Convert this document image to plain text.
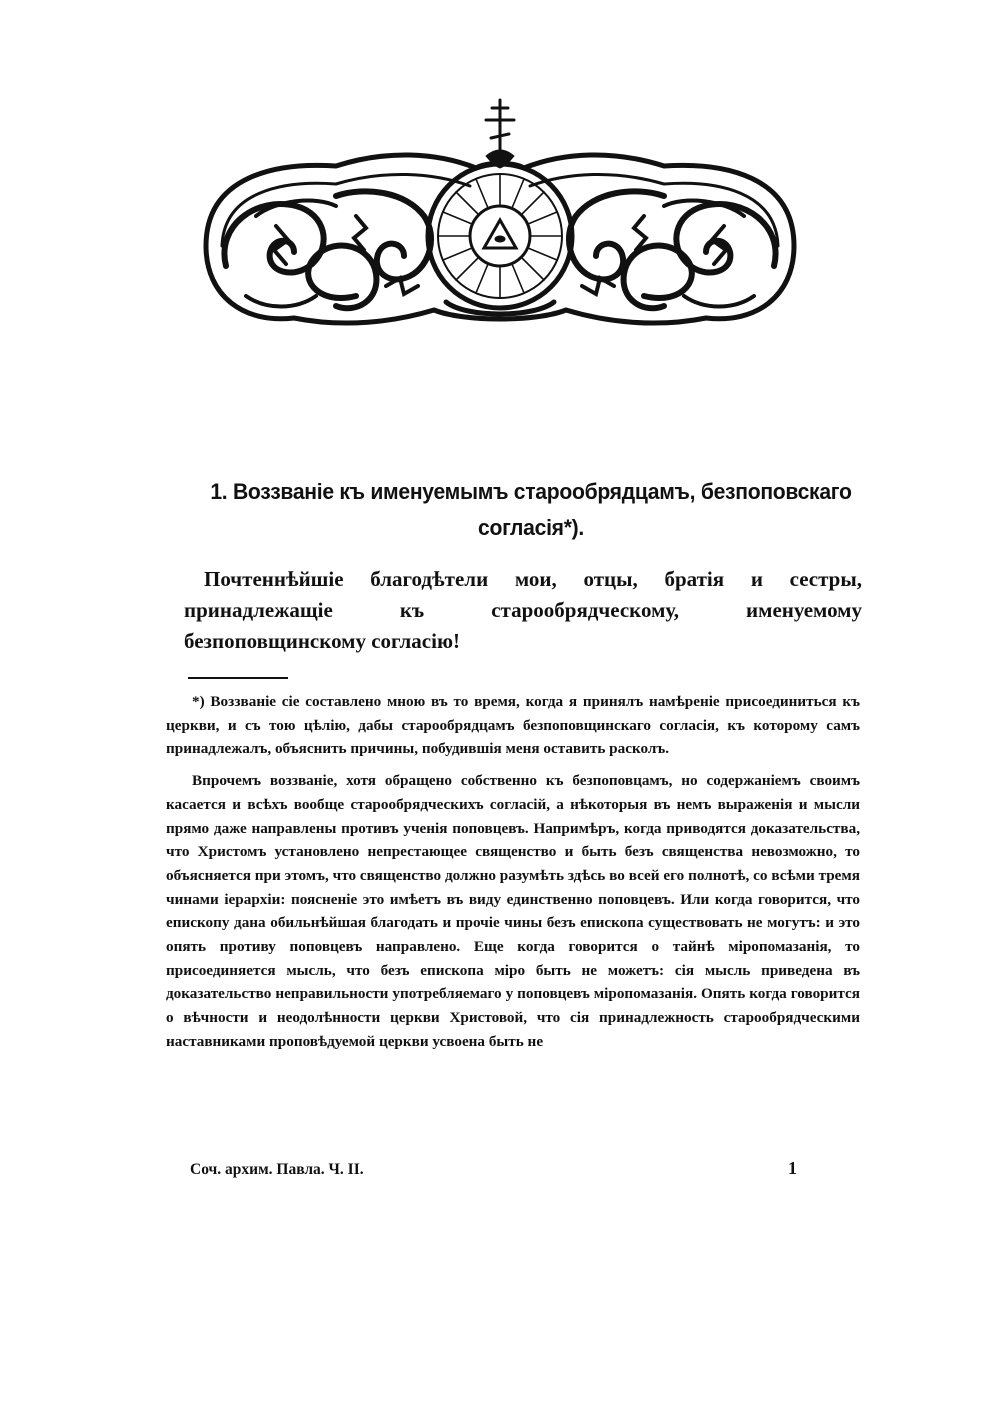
1. Воззванiе къ именуемымъ старообрядцамъ, безпоповскаго
согласiя*).

Почтеннѣйшiе благодѣтели мои, отцы, братiя и сестры, принадлежащiе къ старообрядческому, именуемому безпоповщинскому согласiю!

*) Воззванiе сiе составлено мною въ то время, когда я принялъ намѣренiе присоединиться къ церкви, и съ тою цѣлiю, дабы старообрядцамъ безпоповщинскаго согласiя, къ которому самъ принадлежалъ, объяснить причины, побудившiя меня оставить расколъ.

Впрочемъ воззванiе, хотя обращено собственно къ безпоповцамъ, но содержанiемъ своимъ касается и всѣхъ вообще старообрядческихъ согласiй, а нѣкоторыя въ немъ выраженiя и мысли прямо даже направлены противъ ученiя поповцевъ. Напримѣръ, когда приводятся доказательства, что Христомъ установлено непрестающее священство и быть безъ священства невозможно, то объясняется при этомъ, что священство должно разумѣть здѣсь во всей его полнотѣ, со всѣми тремя чинами iерархiи: поясненiе это имѣетъ въ виду единственно поповцевъ. Или когда говорится, что епископу дана обильнѣйшая благодать и прочiе чины безъ епископа существовать не могутъ: и это опять противу поповцевъ направлено. Еще когда говорится о тайнѣ мiропомазанiя, то присоединяется мысль, что безъ епископа мiро быть не можетъ: сiя мысль приведена въ доказательство неправильности употребляемаго у поповцевъ мiропомазанiя. Опять когда говорится о вѣчности и неодолѣнности церкви Христовой, что сiя принадлежность старообрядческими наставниками проповѣдуемой церкви усвоена быть не

Соч. архим. Павла. Ч. II.	1
